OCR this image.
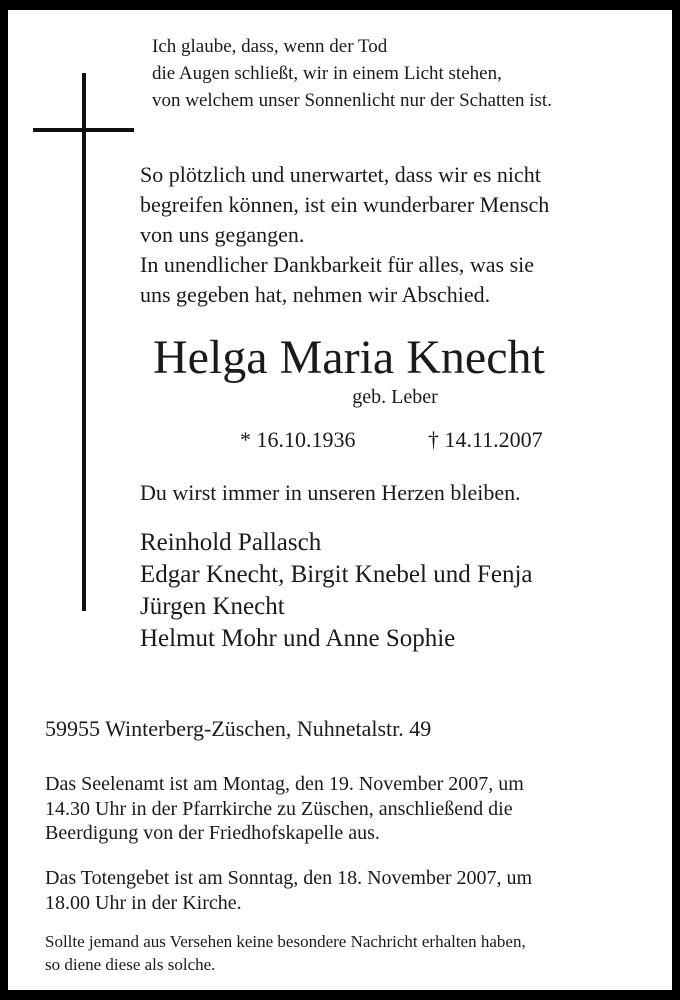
Ich glaube, dass, wenn der Tod
die Augen schließt, wir in einem Licht stehen,
von welchem unser Sonnenlicht nur der Schatten ist.
So plötzlich und unerwartet, dass wir es nicht
begreifen können, ist ein wunderbarer Mensch
von uns gegangen.
In unendlicher Dankbarkeit für alles, was sie
uns gegeben hat, nehmen wir Abschied.
Helga Maria Knecht
geb. Leber
* 16.10.1936	† 14.11.2007
Du wirst immer in unseren Herzen bleiben.
Reinhold Pallasch
Edgar Knecht, Birgit Knebel und Fenja
Jürgen Knecht
Helmut Mohr und Anne Sophie
59955 Winterberg-Züschen, Nuhnetalstr. 49
Das Seelenamt ist am Montag, den 19. November 2007, um
14.30 Uhr in der Pfarrkirche zu Züschen, anschließend die
Beerdigung von der Friedhofskapelle aus.
Das Totengebet ist am Sonntag, den 18. November 2007, um
18.00 Uhr in der Kirche.
Sollte jemand aus Versehen keine besondere Nachricht erhalten haben,
so diene diese als solche.
